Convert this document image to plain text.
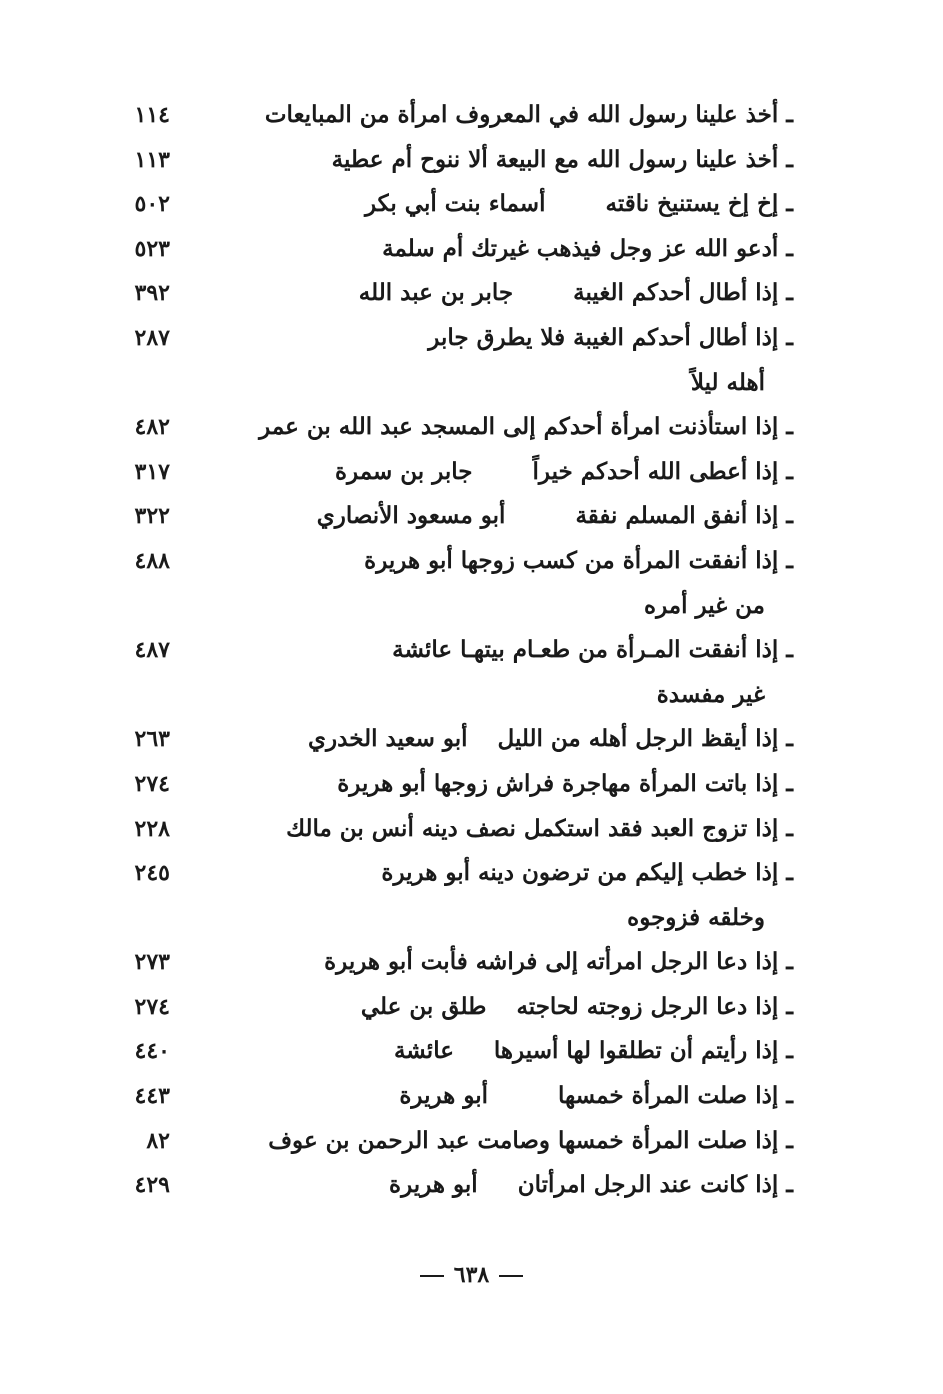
ـ أخذ علينا رسول الله في المعروف امرأة من المبايعات
١١٤
ـ أخذ علينا رسول الله مع البيعة ألا ننوح أم عطية
١١٣
ـ إخ إخ يستنيخ ناقتهأسماء بنت أبي بكر
٥٠٢
ـ أدعو الله عز وجل فيذهب غيرتك أم سلمة
٥٢٣
ـ إذا أطال أحدكم الغيبةجابر بن عبد الله
٣٩٢
ـ إذا أطال أحدكم الغيبة فلا يطرق جابر
٢٨٧
أهله ليلاً
ـ إذا استأذنت امرأة أحدكم إلى المسجد عبد الله بن عمر
٤٨٢
ـ إذا أعطى الله أحدكم خيراًجابر بن سمرة
٣١٧
ـ إذا أنفق المسلم نفقةأبو مسعود الأنصاري
٣٢٢
ـ إذا أنفقت المرأة من كسب زوجها أبو هريرة
٤٨٨
من غير أمره
ـ إذا أنفقت المـرأة من طعـام بيتهـا عائشة
٤٨٧
غير مفسدة
ـ إذا أيقظ الرجل أهله من الليلأبو سعيد الخدري
٢٦٣
ـ إذا باتت المرأة مهاجرة فراش زوجها أبو هريرة
٢٧٤
ـ إذا تزوج العبد فقد استكمل نصف دينه أنس بن مالك
٢٢٨
ـ إذا خطب إليكم من ترضون دينه أبو هريرة
٢٤٥
وخلقه فزوجوه
ـ إذا دعا الرجل امرأته إلى فراشه فأبت أبو هريرة
٢٧٣
ـ إذا دعا الرجل زوجته لحاجتهطلق بن علي
٢٧٤
ـ إذا رأيتم أن تطلقوا لها أسيرهاعائشة
٤٤٠
ـ إذا صلت المرأة خمسهاأبو هريرة
٤٤٣
ـ إذا صلت المرأة خمسها وصامت عبد الرحمن بن عوف
٨٢
ـ إذا كانت عند الرجل امرأتانأبو هريرة
٤٢٩
٦٣٨
